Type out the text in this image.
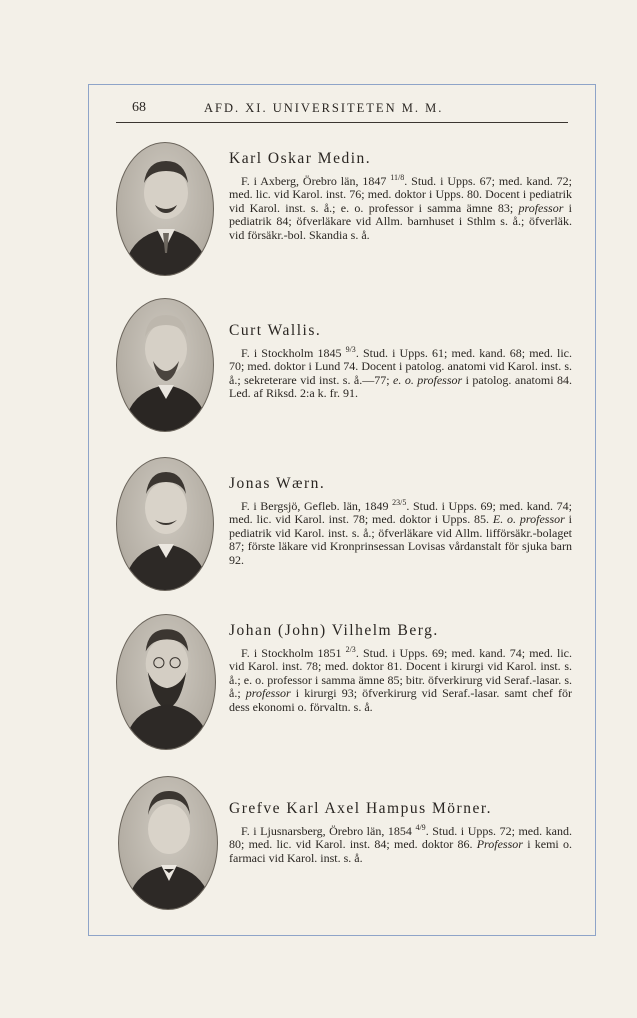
68	AFD. XI. UNIVERSITETEN M. M.
Karl Oskar Medin.
F. i Axberg, Örebro län, 1847 $^{11/8}$. Stud. i Upps. 67; med. kand. 72; med. lic. vid Karol. inst. 76; med. doktor i Upps. 80. Docent i pediatrik vid Karol. inst. s. å.; e. o. professor i samma ämne 83; professor i pediatrik 84; öfverläkare vid Allm. barnhuset i Sthlm s. å.; öfverläk. vid försäkr.-bol. Skandia s. å.
Curt Wallis.
F. i Stockholm 1845 $^{9/3}$. Stud. i Upps. 61; med. kand. 68; med. lic. 70; med. doktor i Lund 74. Docent i patolog. anatomi vid Karol. inst. s. å.; sekreterare vid inst. s. å.—77; e. o. professor i patolog. anatomi 84. Led. af Riksd. 2:a k. fr. 91.
Jonas Wærn.
F. i Bergsjö, Gefleb. län, 1849 $^{23/5}$. Stud. i Upps. 69; med. kand. 74; med. lic. vid Karol. inst. 78; med. doktor i Upps. 85. E. o. professor i pediatrik vid Karol. inst. s. å.; öfverläkare vid Allm. lifförsäkr.-bolaget 87; förste läkare vid Kronprinsessan Lovisas vårdanstalt för sjuka barn 92.
Johan (John) Vilhelm Berg.
F. i Stockholm 1851 $^{2/3}$. Stud. i Upps. 69; med. kand. 74; med. lic. vid Karol. inst. 78; med. doktor 81. Docent i kirurgi vid Karol. inst. s. å.; e. o. professor i samma ämne 85; bitr. öfverkirurg vid Seraf.-lasar. s. å.; professor i kirurgi 93; öfverkirurg vid Seraf.-lasar. samt chef för dess ekonomi o. förvaltn. s. å.
Grefve Karl Axel Hampus Mörner.
F. i Ljusnarsberg, Örebro län, 1854 $^{4/9}$. Stud. i Upps. 72; med. kand. 80; med. lic. vid Karol. inst. 84; med. doktor 86. Professor i kemi o. farmaci vid Karol. inst. s. å.
